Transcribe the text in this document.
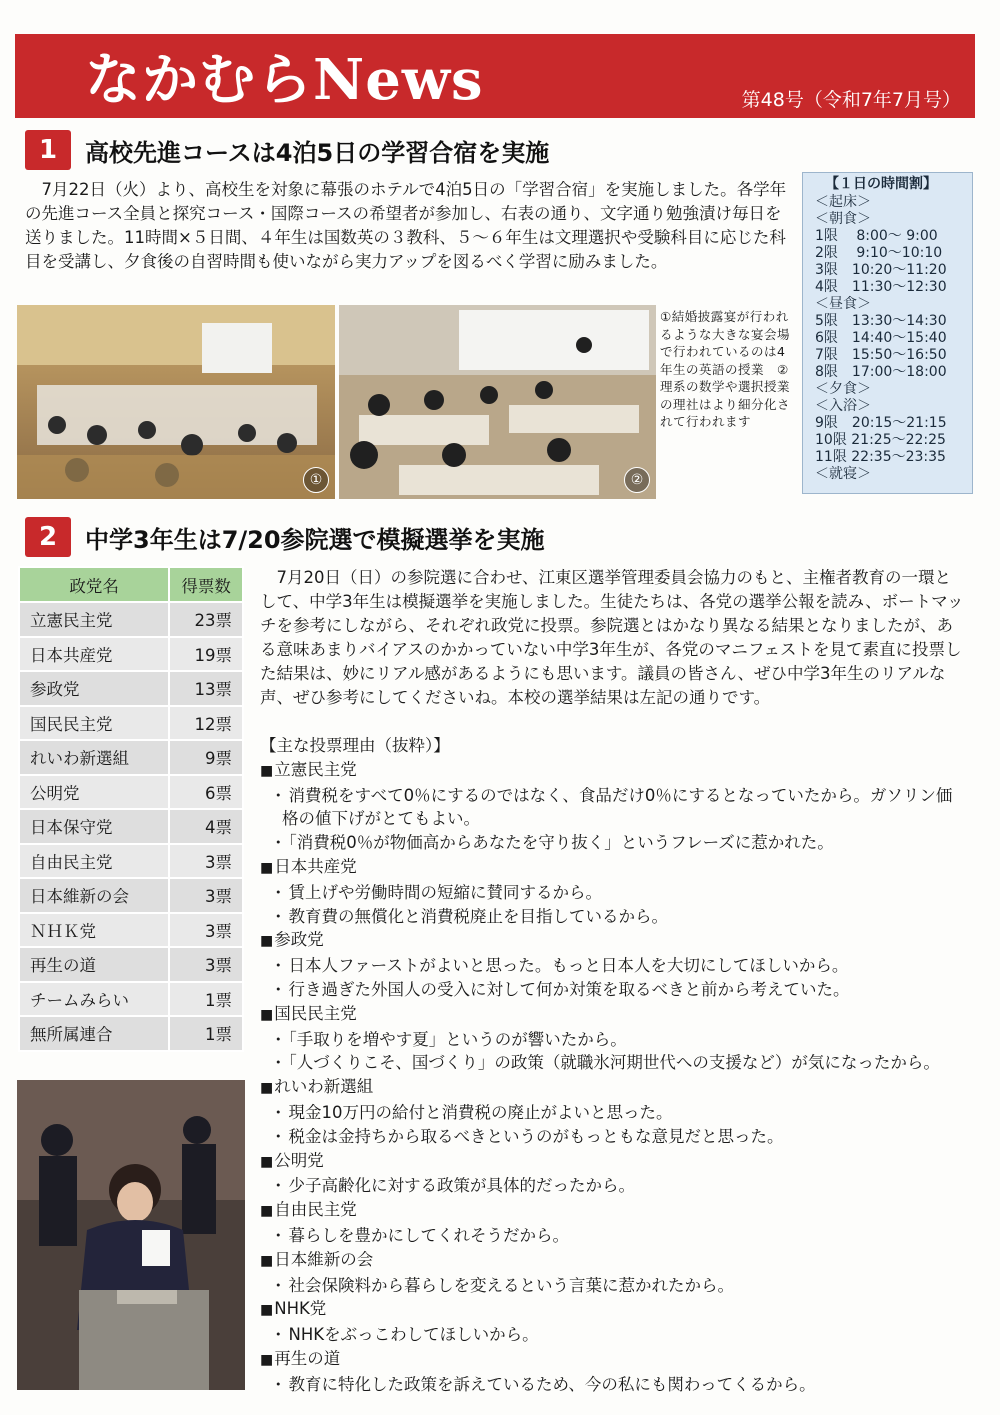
なかむらNews	第48号（令和7年7月号）
1	高校先進コースは4泊5日の学習合宿を実施

7月22日（火）より、高校生を対象に幕張のホテルで4泊5日の「学習合宿」を実施しました。各学年の先進コース全員と探究コース・国際コースの希望者が参加し、右表の通り、文字通り勉強漬け毎日を送りました。11時間×５日間、４年生は国数英の３教科、５～６年生は文理選択や受験科目に応じた科目を受講し、夕食後の自習時間も使いながら実力アップを図るべく学習に励みました。

①	②
①結婚披露宴が行われるような大きな宴会場で行われているのは4年生の英語の授業　②理系の数学や選択授業の理社はより細分化されて行われます
【１日の時間割】
＜起床＞
＜朝食＞
1限　 8:00～ 9:00
2限　 9:10～10:10
3限　10:20～11:20
4限　11:30～12:30
＜昼食＞
5限　13:30～14:30
6限　14:40～15:40
7限　15:50～16:50
8限　17:00～18:00
＜夕食＞
＜入浴＞
9限　20:15～21:15
10限 21:25～22:25
11限 22:35～23:35
＜就寝＞
2	中学3年生は7/20参院選で模擬選挙を実施
政党名	得票数
立憲民主党	23票
日本共産党	19票
参政党	13票
国民民主党	12票
れいわ新選組	9票
公明党	6票
日本保守党	4票
自由民主党	3票
日本維新の会	3票
ＮＨＫ党	3票
再生の道	3票
チームみらい	1票
無所属連合	1票

7月20日（日）の参院選に合わせ、江東区選挙管理委員会協力のもと、主権者教育の一環として、中学3年生は模擬選挙を実施しました。生徒たちは、各党の選挙公報を読み、ボートマッチを参考にしながら、それぞれ政党に投票。参院選とはかなり異なる結果となりましたが、ある意味あまりバイアスのかかっていない中学3年生が、各党のマニフェストを見て素直に投票した結果は、妙にリアル感があるようにも思います。議員の皆さん、ぜひ中学3年生のリアルな声、ぜひ参考にしてくださいね。本校の選挙結果は左記の通りです。

【主な投票理由（抜粋）】
■ 立憲民主党
・ 消費税をすべて0％にするのではなく、食品だけ0％にするとなっていたから。ガソリン価格の値下げがとてもよい。
・ 「消費税0％が物価高からあなたを守り抜く」というフレーズに惹かれた。
■ 日本共産党
・ 賃上げや労働時間の短縮に賛同するから。
・ 教育費の無償化と消費税廃止を目指しているから。
■ 参政党
・ 日本人ファーストがよいと思った。もっと日本人を大切にしてほしいから。
・ 行き過ぎた外国人の受入に対して何か対策を取るべきと前から考えていた。
■ 国民民主党
・ 「手取りを増やす夏」というのが響いたから。
・ 「人づくりこそ、国づくり」の政策（就職氷河期世代への支援など）が気になったから。
■ れいわ新選組
・ 現金10万円の給付と消費税の廃止がよいと思った。
・ 税金は金持ちから取るべきというのがもっともな意見だと思った。
■ 公明党
・ 少子高齢化に対する政策が具体的だったから。
■ 自由民主党
・ 暮らしを豊かにしてくれそうだから。
■ 日本維新の会
・ 社会保険料から暮らしを変えるという言葉に惹かれたから。
■ NHK党
・ NHKをぶっこわしてほしいから。
■ 再生の道
・ 教育に特化した政策を訴えているため、今の私にも関わってくるから。
